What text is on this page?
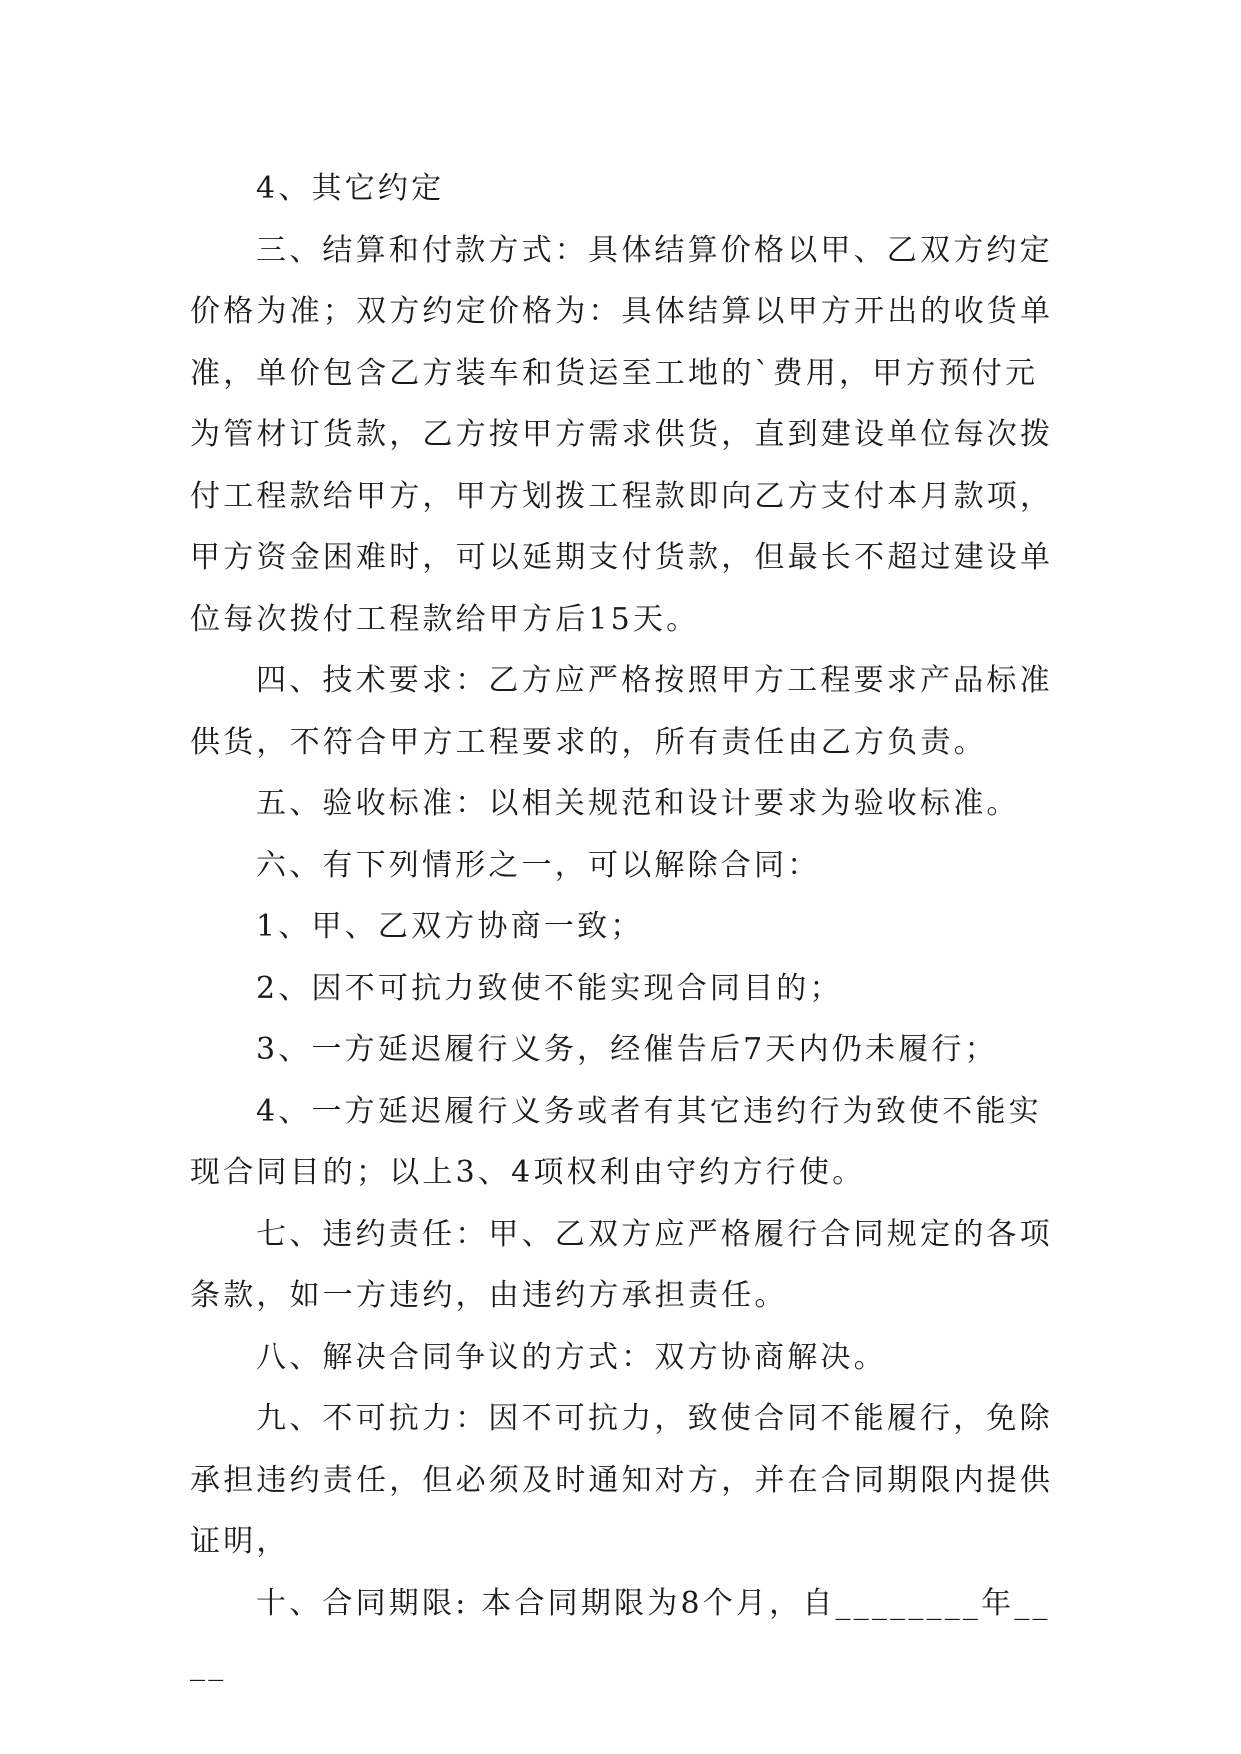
4、其它约定

三、结算和付款方式：具体结算价格以甲、乙双方约定价格为准；双方约定价格为：具体结算以甲方开出的收货单准，单价包含乙方装车和货运至工地的`费用，甲方预付元为管材订货款，乙方按甲方需求供货，直到建设单位每次拨付工程款给甲方，甲方划拨工程款即向乙方支付本月款项，甲方资金困难时，可以延期支付货款，但最长不超过建设单位每次拨付工程款给甲方后15天。

四、技术要求：乙方应严格按照甲方工程要求产品标准供货，不符合甲方工程要求的，所有责任由乙方负责。

五、验收标准：以相关规范和设计要求为验收标准。

六、有下列情形之一，可以解除合同：

1、甲、乙双方协商一致；

2、因不可抗力致使不能实现合同目的；

3、一方延迟履行义务，经催告后7天内仍未履行；

4、一方延迟履行义务或者有其它违约行为致使不能实现合同目的；以上3、4项权利由守约方行使。

七、违约责任：甲、乙双方应严格履行合同规定的各项条款，如一方违约，由违约方承担责任。

八、解决合同争议的方式：双方协商解决。

九、不可抗力：因不可抗力，致使合同不能履行，免除承担违约责任，但必须及时通知对方，并在合同期限内提供证明，

十、合同期限: 本合同期限为8个月，自________年____
